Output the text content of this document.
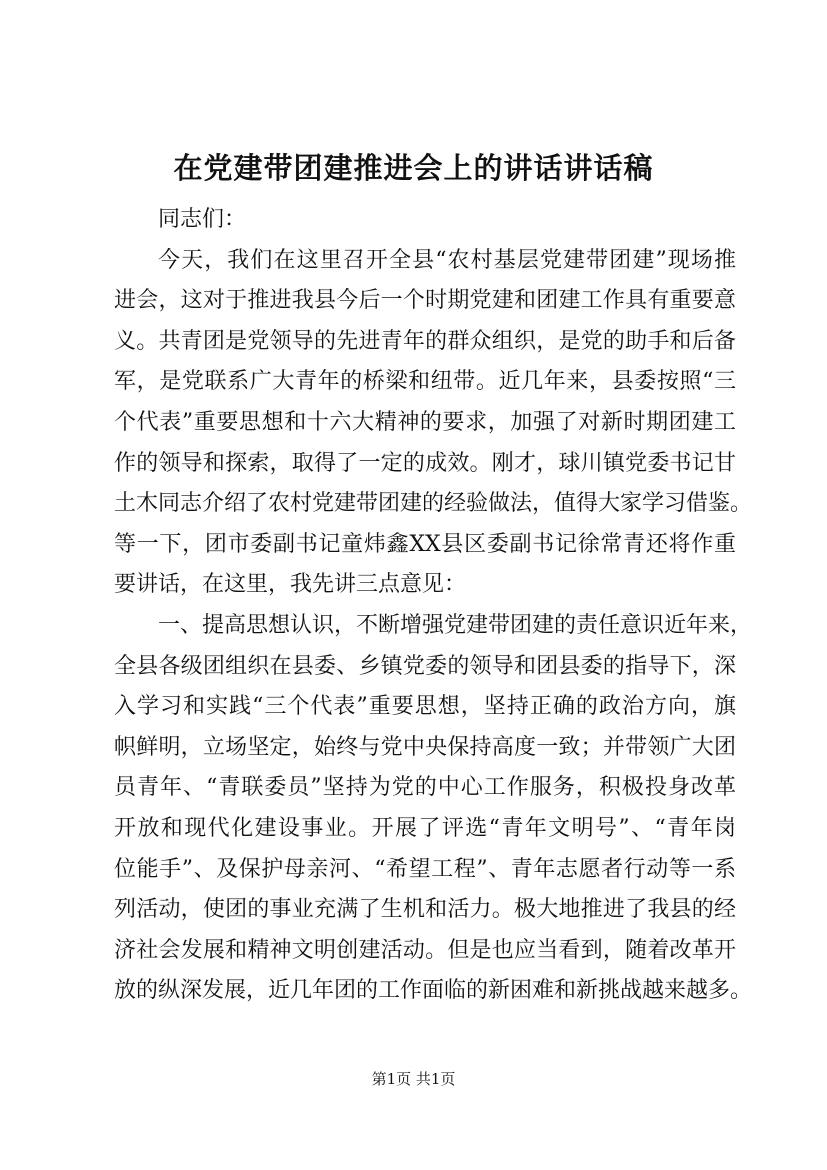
在党建带团建推进会上的讲话讲话稿
同志们：
今天，我们在这里召开全县“农村基层党建带团建”现场推
进会，这对于推进我县今后一个时期党建和团建工作具有重要意
义。共青团是党领导的先进青年的群众组织，是党的助手和后备
军，是党联系广大青年的桥梁和纽带。近几年来，县委按照“三
个代表”重要思想和十六大精神的要求，加强了对新时期团建工
作的领导和探索，取得了一定的成效。刚才，球川镇党委书记甘
土木同志介绍了农村党建带团建的经验做法，值得大家学习借鉴。
等一下，团市委副书记童炜鑫XX县区委副书记徐常青还将作重
要讲话，在这里，我先讲三点意见：
一、提高思想认识，不断增强党建带团建的责任意识近年来，
全县各级团组织在县委、乡镇党委的领导和团县委的指导下，深
入学习和实践“三个代表”重要思想，坚持正确的政治方向，旗
帜鲜明，立场坚定，始终与党中央保持高度一致；并带领广大团
员青年、“青联委员”坚持为党的中心工作服务，积极投身改革
开放和现代化建设事业。开展了评选“青年文明号”、“青年岗
位能手”、及保护母亲河、“希望工程”、青年志愿者行动等一系
列活动，使团的事业充满了生机和活力。极大地推进了我县的经
济社会发展和精神文明创建活动。但是也应当看到，随着改革开
放的纵深发展，近几年团的工作面临的新困难和新挑战越来越多。
第1页 共1页
